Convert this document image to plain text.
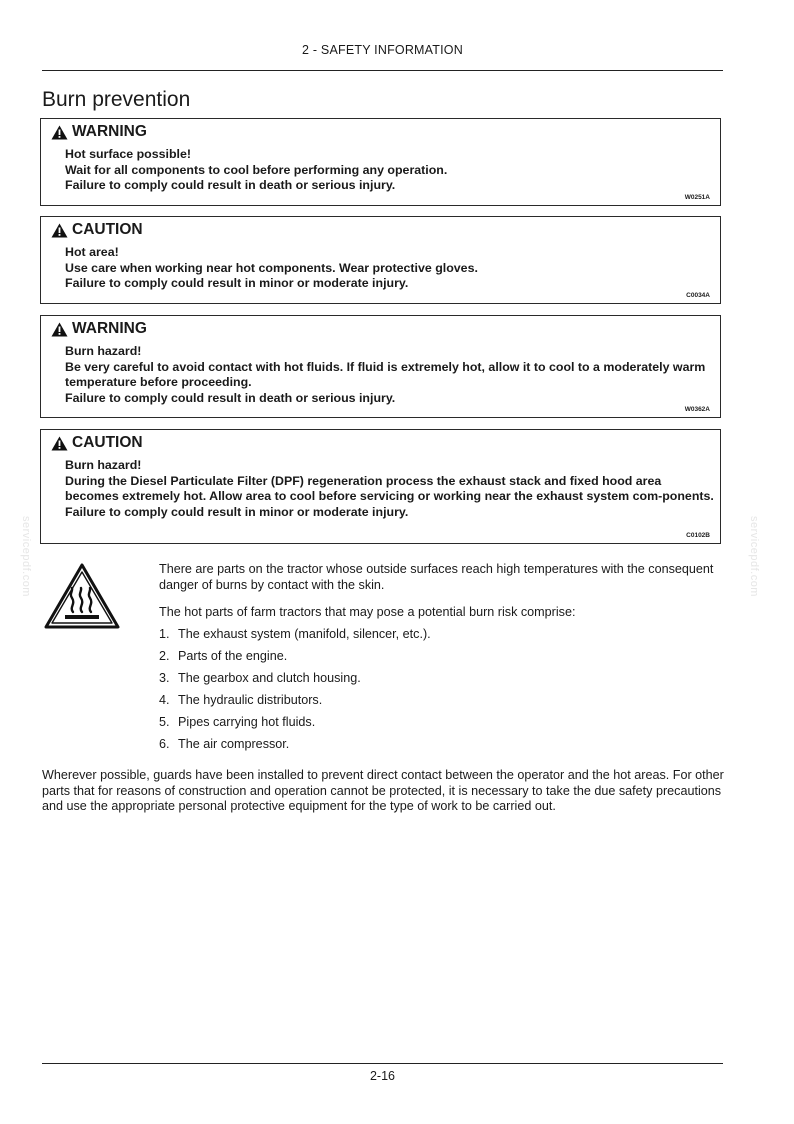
2 - SAFETY INFORMATION
Burn prevention
WARNING
Hot surface possible!
Wait for all components to cool before performing any operation.
Failure to comply could result in death or serious injury.
W0251A
CAUTION
Hot area!
Use care when working near hot components. Wear protective gloves.
Failure to comply could result in minor or moderate injury.
C0034A
WARNING
Burn hazard!
Be very careful to avoid contact with hot fluids. If fluid is extremely hot, allow it to cool to a moderately warm temperature before proceeding.
Failure to comply could result in death or serious injury.
W0362A
CAUTION
Burn hazard!
During the Diesel Particulate Filter (DPF) regeneration process the exhaust stack and fixed hood area becomes extremely hot. Allow area to cool before servicing or working near the exhaust system com-ponents.
Failure to comply could result in minor or moderate injury.
C0102B
There are parts on the tractor whose outside surfaces reach high temperatures with the consequent danger of burns by contact with the skin.
The hot parts of farm tractors that may pose a potential burn risk comprise:
1. The exhaust system (manifold, silencer, etc.).
2. Parts of the engine.
3. The gearbox and clutch housing.
4. The hydraulic distributors.
5. Pipes carrying hot fluids.
6. The air compressor.
Wherever possible, guards have been installed to prevent direct contact between the operator and the hot areas. For other parts that for reasons of construction and operation cannot be protected, it is necessary to take the due safety precautions and use the appropriate personal protective equipment for the type of work to be carried out.
servicepdf.com	servicepdf.com
2-16
